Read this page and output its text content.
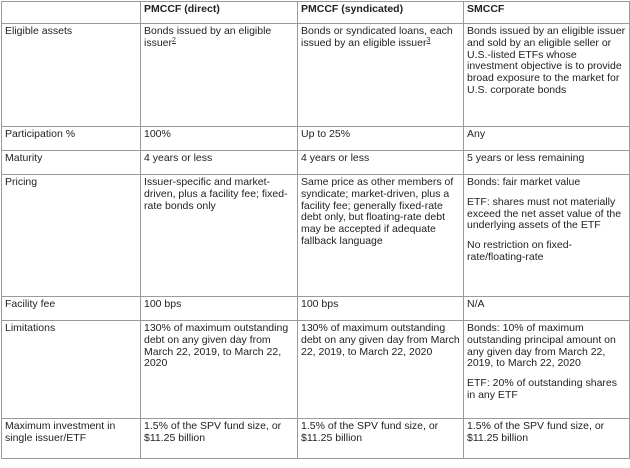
	PMCCF (direct)	PMCCF (syndicated)	SMCCF
Eligible assets	Bonds issued by an eligible issuer$^2$	Bonds or syndicated loans, each issued by an eligible issuer$^3$	Bonds issued by an eligible issuer and sold by an eligible seller or U.S.-listed ETFs whose investment objective is to provide broad exposure to the market for U.S. corporate bonds

Participation %	100%	Up to 25%	Any
Maturity	4 years or less	4 years or less	5 years or less remaining
Pricing	Issuer-specific and market-driven, plus a facility fee; fixed-rate bonds only	Same price as other members of syndicate; market-driven, plus a facility fee; generally fixed-rate debt only, but floating-rate debt may be accepted if adequate fallback language	Bonds: fair market value

ETF: shares must not materially exceed the net asset value of the underlying assets of the ETF

No restriction on fixed-rate/floating-rate

Facility fee	100 bps	100 bps	N/A
Limitations	130% of maximum outstanding debt on any given day from March 22, 2019, to March 22, 2020	130% of maximum outstanding debt on any given day from March 22, 2019, to March 22, 2020	Bonds: 10% of maximum outstanding principal amount on any given day from March 22, 2019, to March 22, 2020

ETF: 20% of outstanding shares in any ETF

Maximum investment in single issuer/ETF	1.5% of the SPV fund size, or $11.25 billion	1.5% of the SPV fund size, or $11.25 billion	1.5% of the SPV fund size, or $11.25 billion
